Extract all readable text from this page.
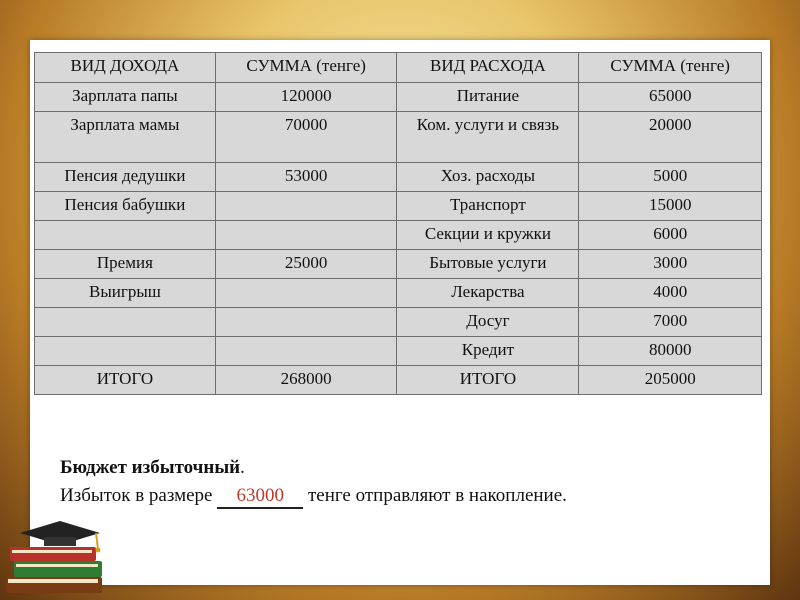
ВИД ДОХОДА	СУММА (тенге)	ВИД РАСХОДА	СУММА (тенге)
Зарплата папы	120000	Питание	65000
Зарплата мамы	70000	Ком. услуги и связь	20000
Пенсия дедушки	53000	Хоз. расходы	5000
Пенсия бабушки		Транспорт	15000
		Секции и кружки	6000
Премия	25000	Бытовые услуги	3000
Выигрыш		Лекарства	4000
		Досуг	7000
		Кредит	80000
ИТОГО	268000	ИТОГО	205000
Бюджет избыточный.
Избыток в размере 63000 тенге отправляют в накопление.
